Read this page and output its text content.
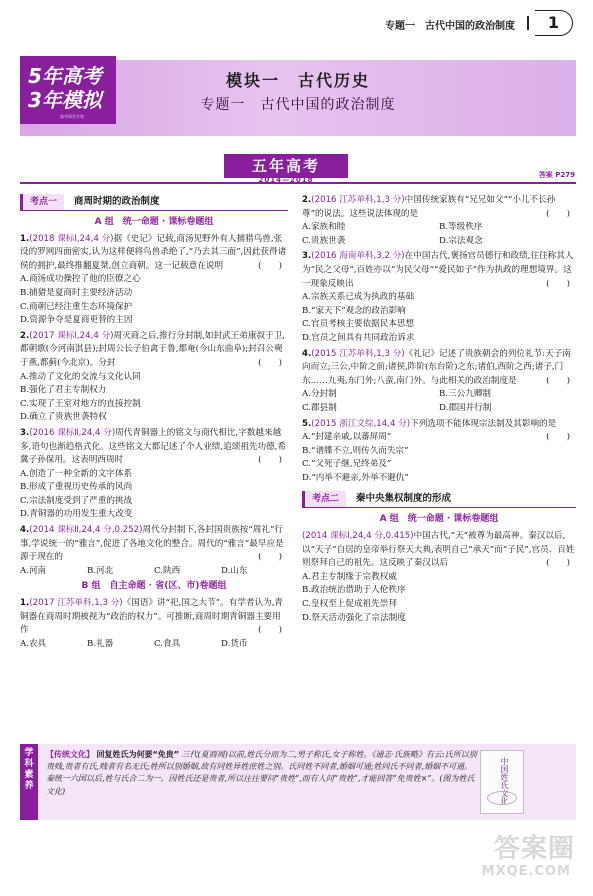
专题一　古代中国的政治制度	1
模块一　古代历史
专题一　古代中国的政治制度
5年高考
3年模拟
高考研究专家
五年高考
2014—2018
答案 P279
考点一	商周时期的政治制度
A 组　统一命题 · 课标卷题组
1.(2018 课标Ⅰ,24,4 分)据《史记》记载,商汤见野外有人捕猎鸟兽,张设的罗网四面密实,认为这样便将鸟兽杀绝了,“乃去其三面”,因此获得诸侯的拥护,最终推翻夏桀,创立商朝。这一记载意在说明	(　　)
A.商汤成功操控了他的臣僚之心
B.捕猎是夏商时主要经济活动
C.商朝已经注重生态环境保护
D.资源争夺是夏商更替的主因
2.(2017 课标Ⅰ,24,4 分)周灭商之后,推行分封制,如封武王弟康叔于卫,都朝歌(今河南淇县);封周公长子伯禽于鲁,都奄(今山东曲阜);封召公奭于燕,都蓟(今北京)。分封	(　　)
A.推动了文化的交流与文化认同
B.强化了君主专制权力
C.实现了王室对地方的直接控制
D.确立了贵族世袭特权
3.(2016 课标Ⅱ,24,4 分)周代青铜器上的铭文与商代相比,字数越来越多,语句也渐趋格式化。这些铭文大都记述了个人业绩,追颂祖先功德,希冀子孙保用。这表明西周时	(　　)
A.创造了一种全新的文字体系
B.形成了重视历史传承的风尚
C.宗法制度受到了严重的挑战
D.青铜器的功用发生重大改变
4.(2014 课标Ⅱ,24,4 分,0.252)周代分封制下,各封国贵族按“周礼”行事,学说统一的“雅言”,促进了各地文化的整合。周代的“雅言”最早应是源于现在的	(　　)
A.河南	B.河北	C.陕西	D.山东
B 组　自主命题 · 省(区、市)卷题组
1.(2017 江苏单科,1,3 分)《国语》讲“祀,国之大节”。有学者认为,青铜器在商周时期被视为“政治的权力”。可推断,商周时期青铜器主要用作	(　　)
A.农具	B.礼器	C.食具	D.货币
2.(2016 江苏单科,1,3 分)中国传统家族有“兄兄如父”“小儿不长孙尊”的说法。这些说法体现的是	(　　)
A.家族和睦	B.等级秩序
C.贵族世袭	D.宗法观念
3.(2016 海南单科,3,2 分)在中国古代,褒扬官员德行和政绩,往往称其人为“民之父母”,百姓亦以“为民父母”“爱民如子”作为执政的理想境界。这一现象反映出	(　　)
A.宗族关系已成为执政的基础
B.“家天下”观念的政治影响
C.官员考核主要依据民本思想
D.官员之间具有共同政治诉求
4.(2015 江苏单科,1,3 分)《礼记》记述了贵族朝会的列位礼节:天子南向而立;三公,中阶之前;诸侯,阼阶(东台阶)之东;诸伯,西阶之西;诸子,门东……九夷,东门外;八蛮,南门外。与此相关的政治制度是	(　　)
A.分封制	B.三公九卿制
C.郡县制	D.郡国并行制
5.(2015 浙江文综,14,4 分)下列选项不能体现宗法制及其影响的是
(　　)
A.“封建亲戚,以蕃屏周”
B.“谱牒不立,则传久而失宗”
C.“父死子继,兄终弟及”
D.“内举不避亲,外举不避仇”
考点二	秦中央集权制度的形成
A 组　统一命题 · 课标卷题组
(2014 课标Ⅰ,24,4 分,0.415)中国古代,“天”被尊为最高神。秦汉以后,以“天子”自居的皇帝举行祭天大典,表明自己“承天”而“子民”,官员、百姓则祭拜自己的祖先。这反映了秦汉以后	(　　)
A.君主专制缘于宗教权威
B.政治统治借助于人伦秩序
C.皇权至上促成祖先崇拜
D.祭天活动强化了宗法制度
学
科
素
养
【传统文化】 回复姓氏为何要“免贵” 三代(夏商周)以前,姓氏分而为二,男子称氏,女子称姓。《通志·氏族略》有云:氏所以别贵贱,贵者有氏,贱者有名无氏;姓所以别婚姻,故有同姓异姓庶姓之别。氏同姓不同者,婚姻可通;姓同氏不同者,婚姻不可通。秦统一六国以后,姓与氏合二为一。因姓氏还是贵者,所以往往要问“贵姓”,而有人问“贵姓”,才能回答“免贵姓×”。(图为姓氏文化)	中国姓氏文化
答案圈
MXQE.COM
